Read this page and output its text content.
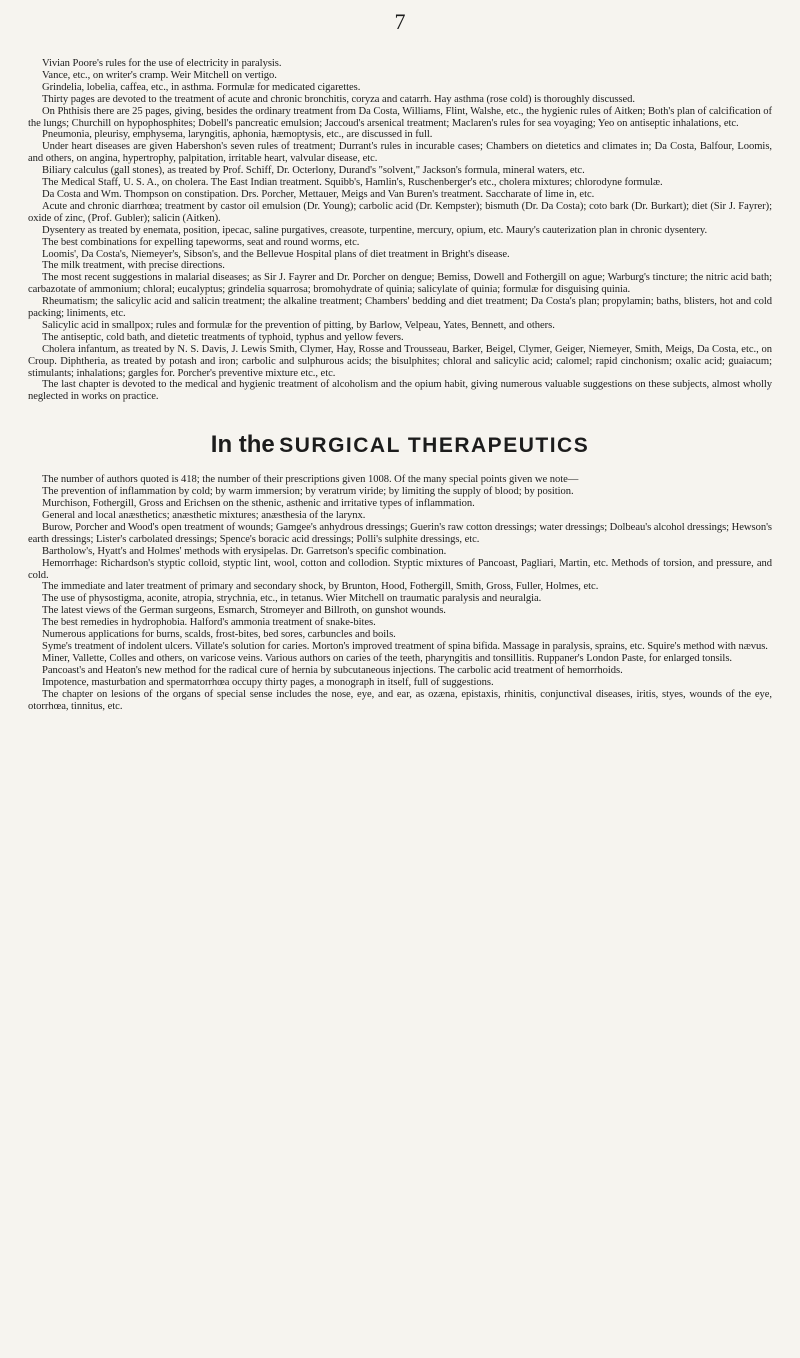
7

Vivian Poore's rules for the use of electricity in paralysis.

Vance, etc., on writer's cramp. Weir Mitchell on vertigo.

Grindelia, lobelia, caffea, etc., in asthma. Formulæ for medicated cigarettes.

Thirty pages are devoted to the treatment of acute and chronic bronchitis, coryza and catarrh. Hay asthma (rose cold) is thoroughly discussed.

On Phthisis there are 25 pages, giving, besides the ordinary treatment from Da Costa, Williams, Flint, Walshe, etc., the hygienic rules of Aitken; Both's plan of calcification of the lungs; Churchill on hypophosphites; Dobell's pancreatic emulsion; Jaccoud's arsenical treatment; Maclaren's rules for sea voyaging; Yeo on antiseptic inhalations, etc.

Pneumonia, pleurisy, emphysema, laryngitis, aphonia, hæmoptysis, etc., are discussed in full.

Under heart diseases are given Habershon's seven rules of treatment; Durrant's rules in incurable cases; Chambers on dietetics and climates in; Da Costa, Balfour, Loomis, and others, on angina, hypertrophy, palpitation, irritable heart, valvular disease, etc.

Biliary calculus (gall stones), as treated by Prof. Schiff, Dr. Octerlony, Durand's "solvent," Jackson's formula, mineral waters, etc.

The Medical Staff, U. S. A., on cholera. The East Indian treatment. Squibb's, Hamlin's, Ruschenberger's etc., cholera mixtures; chlorodyne formulæ.

Da Costa and Wm. Thompson on constipation. Drs. Porcher, Mettauer, Meigs and Van Buren's treatment. Saccharate of lime in, etc.

Acute and chronic diarrhœa; treatment by castor oil emulsion (Dr. Young); carbolic acid (Dr. Kempster); bismuth (Dr. Da Costa); coto bark (Dr. Burkart); diet (Sir J. Fayrer); oxide of zinc, (Prof. Gubler); salicin (Aitken).

Dysentery as treated by enemata, position, ipecac, saline purgatives, creasote, turpentine, mercury, opium, etc. Maury's cauterization plan in chronic dysentery.

The best combinations for expelling tapeworms, seat and round worms, etc.

Loomis', Da Costa's, Niemeyer's, Sibson's, and the Bellevue Hospital plans of diet treatment in Bright's disease.

The milk treatment, with precise directions.

The most recent suggestions in malarial diseases; as Sir J. Fayrer and Dr. Porcher on dengue; Bemiss, Dowell and Fothergill on ague; Warburg's tincture; the nitric acid bath; carbazotate of ammonium; chloral; eucalyptus; grindelia squarrosa; bromohydrate of quinia; salicylate of quinia; formulæ for disguising quinia.

Rheumatism; the salicylic acid and salicin treatment; the alkaline treatment; Chambers' bedding and diet treatment; Da Costa's plan; propylamin; baths, blisters, hot and cold packing; liniments, etc.

Salicylic acid in smallpox; rules and formulæ for the prevention of pitting, by Barlow, Velpeau, Yates, Bennett, and others.

The antiseptic, cold bath, and dietetic treatments of typhoid, typhus and yellow fevers.

Cholera infantum, as treated by N. S. Davis, J. Lewis Smith, Clymer, Hay, Rosse and Trousseau, Barker, Beigel, Clymer, Geiger, Niemeyer, Smith, Meigs, Da Costa, etc., on Croup. Diphtheria, as treated by potash and iron; carbolic and sulphurous acids; the bisulphites; chloral and salicylic acid; calomel; rapid cinchonism; oxalic acid; guaiacum; stimulants; inhalations; gargles for. Porcher's preventive mixture etc., etc.

The last chapter is devoted to the medical and hygienic treatment of alcoholism and the opium habit, giving numerous valuable suggestions on these subjects, almost wholly neglected in works on practice.

In the SURGICAL THERAPEUTICS

The number of authors quoted is 418; the number of their prescriptions given 1008. Of the many special points given we note—

The prevention of inflammation by cold; by warm immersion; by veratrum viride; by limiting the supply of blood; by position.

Murchison, Fothergill, Gross and Erichsen on the sthenic, asthenic and irritative types of inflammation.

General and local anæsthetics; anæsthetic mixtures; anæsthesia of the larynx.

Burow, Porcher and Wood's open treatment of wounds; Gamgee's anhydrous dressings; Guerin's raw cotton dressings; water dressings; Dolbeau's alcohol dressings; Hewson's earth dressings; Lister's carbolated dressings; Spence's boracic acid dressings; Polli's sulphite dressings, etc.

Bartholow's, Hyatt's and Holmes' methods with erysipelas. Dr. Garretson's specific combination.

Hemorrhage: Richardson's styptic colloid, styptic lint, wool, cotton and collodion. Styptic mixtures of Pancoast, Pagliari, Martin, etc. Methods of torsion, and pressure, and cold.

The immediate and later treatment of primary and secondary shock, by Brunton, Hood, Fothergill, Smith, Gross, Fuller, Holmes, etc.

The use of physostigma, aconite, atropia, strychnia, etc., in tetanus. Wier Mitchell on traumatic paralysis and neuralgia.

The latest views of the German surgeons, Esmarch, Stromeyer and Billroth, on gunshot wounds.

The best remedies in hydrophobia. Halford's ammonia treatment of snake-bites.

Numerous applications for burns, scalds, frost-bites, bed sores, carbuncles and boils.

Syme's treatment of indolent ulcers. Villate's solution for caries. Morton's improved treatment of spina bifida. Massage in paralysis, sprains, etc. Squire's method with nævus.

Miner, Vallette, Colles and others, on varicose veins. Various authors on caries of the teeth, pharyngitis and tonsillitis. Ruppaner's London Paste, for enlarged tonsils.

Pancoast's and Heaton's new method for the radical cure of hernia by subcutaneous injections. The carbolic acid treatment of hemorrhoids.

Impotence, masturbation and spermatorrhœa occupy thirty pages, a monograph in itself, full of suggestions.

The chapter on lesions of the organs of special sense includes the nose, eye, and ear, as ozæna, epistaxis, rhinitis, conjunctival diseases, iritis, styes, wounds of the eye, otorrhœa, tinnitus, etc.
